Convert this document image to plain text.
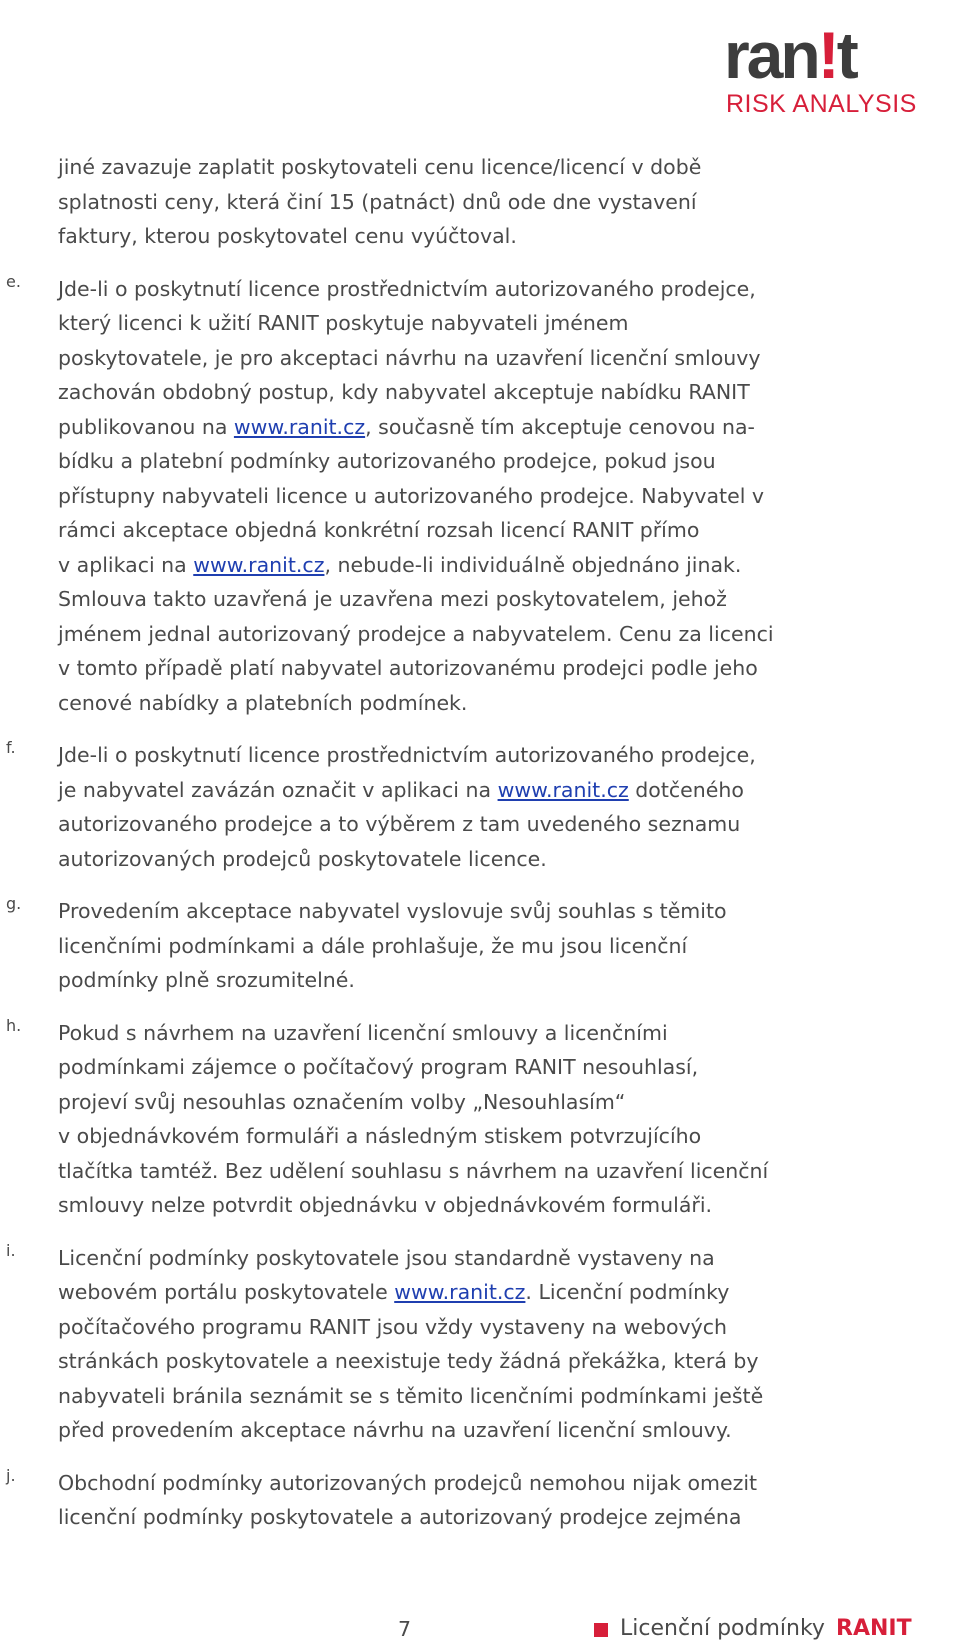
ran!t
RISK ANALYSIS

jiné zavazuje zaplatit poskytovateli cenu licence/licencí v době
splatnosti ceny, která činí 15 (patnáct) dnů ode dne vystavení
faktury, kterou poskytovatel cenu vyúčtoval.

e.	Jde-li o poskytnutí licence prostřednictvím autorizovaného prodejce,
který licenci k užití RANIT poskytuje nabyvateli jménem
poskytovatele, je pro akceptaci návrhu na uzavření licenční smlouvy
zachován obdobný postup, kdy nabyvatel akceptuje nabídku RANIT
publikovanou na www.ranit.cz, současně tím akceptuje cenovou na-
bídku a platební podmínky autorizovaného prodejce, pokud jsou
přístupny nabyvateli licence u autorizovaného prodejce. Nabyvatel v
rámci akceptace objedná konkrétní rozsah licencí RANIT přímo
v aplikaci na www.ranit.cz, nebude-li individuálně objednáno jinak.
Smlouva takto uzavřená je uzavřena mezi poskytovatelem, jehož
jménem jednal autorizovaný prodejce a nabyvatelem. Cenu za licenci
v tomto případě platí nabyvatel autorizovanému prodejci podle jeho
cenové nabídky a platebních podmínek.

f.	Jde-li o poskytnutí licence prostřednictvím autorizovaného prodejce,
je nabyvatel zavázán označit v aplikaci na www.ranit.cz dotčeného
autorizovaného prodejce a to výběrem z tam uvedeného seznamu
autorizovaných prodejců poskytovatele licence.

g.	Provedením akceptace nabyvatel vyslovuje svůj souhlas s těmito
licenčními podmínkami a dále prohlašuje, že mu jsou licenční
podmínky plně srozumitelné.

h.	Pokud s návrhem na uzavření licenční smlouvy a licenčními
podmínkami zájemce o počítačový program RANIT nesouhlasí,
projeví svůj nesouhlas označením volby „Nesouhlasím“
v objednávkovém formuláři a následným stiskem potvrzujícího
tlačítka tamtéž. Bez udělení souhlasu s návrhem na uzavření licenční
smlouvy nelze potvrdit objednávku v objednávkovém formuláři.

i.	Licenční podmínky poskytovatele jsou standardně vystaveny na
webovém portálu poskytovatele www.ranit.cz. Licenční podmínky
počítačového programu RANIT jsou vždy vystaveny na webových
stránkách poskytovatele a neexistuje tedy žádná překážka, která by
nabyvateli bránila seznámit se s těmito licenčními podmínkami ještě
před provedením akceptace návrhu na uzavření licenční smlouvy.

j.	Obchodní podmínky autorizovaných prodejců nemohou nijak omezit
licenční podmínky poskytovatele a autorizovaný prodejce zejména

7	Licenční podmínky RANIT
